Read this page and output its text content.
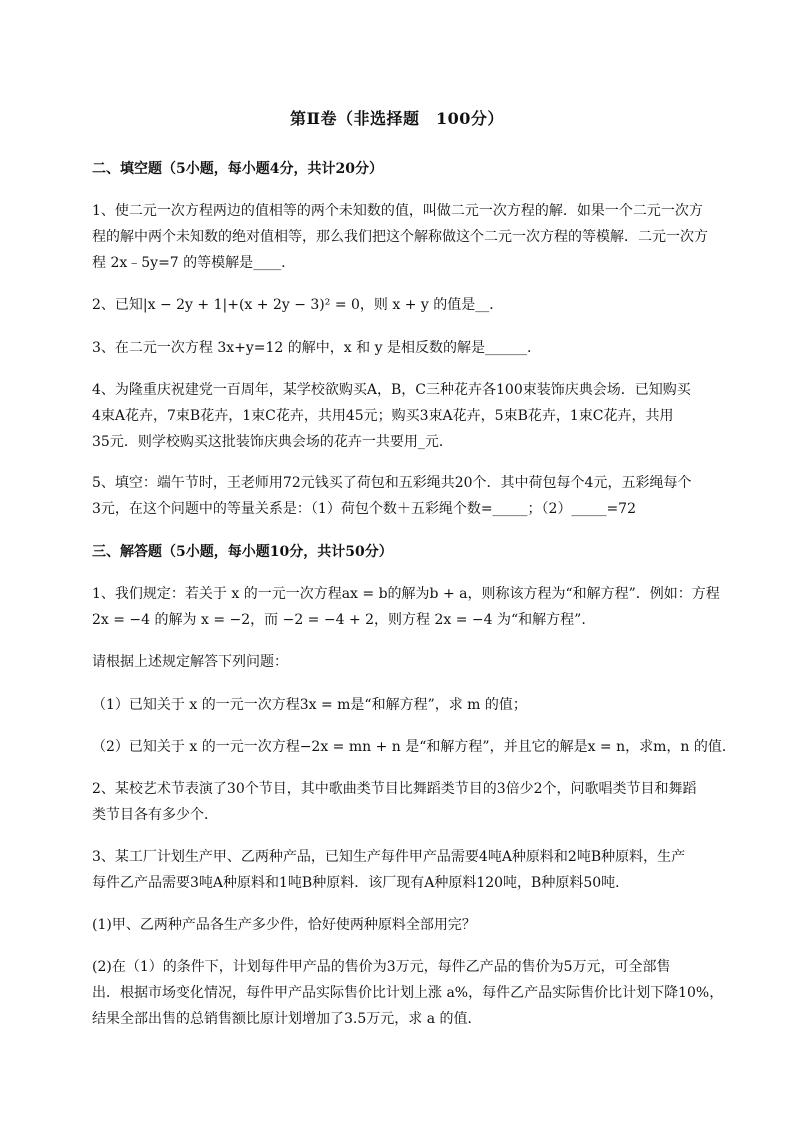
第Ⅱ卷（非选择题　100分）
二、填空题（5小题，每小题4分，共计20分）
1、使二元一次方程两边的值相等的两个未知数的值，叫做二元一次方程的解．如果一个二元一次方
程的解中两个未知数的绝对值相等，那么我们把这个解称做这个二元一次方程的等模解．二元一次方
程 2x﹣5y=7 的等模解是____.
2、已知|x − 2y + 1|+(x + 2y − 3)² = 0，则 x + y 的值是__．
3、在二元一次方程 3x+y=12 的解中，x 和 y 是相反数的解是______.
4、为隆重庆祝建党一百周年，某学校欲购买A，B，C三种花卉各100束装饰庆典会场．已知购买
4束A花卉，7束B花卉，1束C花卉，共用45元；购买3束A花卉，5束B花卉，1束C花卉，共用
35元．则学校购买这批装饰庆典会场的花卉一共要用_元．
5、填空：端午节时，王老师用72元钱买了荷包和五彩绳共20个．其中荷包每个4元，五彩绳每个
3元，在这个问题中的等量关系是：（1）荷包个数＋五彩绳个数=_____；（2）_____=72
三、解答题（5小题，每小题10分，共计50分）
1、我们规定：若关于 x 的一元一次方程ax = b的解为b + a，则称该方程为“和解方程”．例如：方程
2x = −4 的解为 x = −2，而 −2 = −4 + 2，则方程 2x = −4 为“和解方程”.
请根据上述规定解答下列问题：
（1）已知关于 x 的一元一次方程3x = m是“和解方程”，求 m 的值；
（2）已知关于 x 的一元一次方程−2x = mn + n 是“和解方程”，并且它的解是x = n，求m，n 的值．
2、某校艺术节表演了30个节目，其中歌曲类节目比舞蹈类节目的3倍少2个，问歌唱类节目和舞蹈
类节目各有多少个．
3、某工厂计划生产甲、乙两种产品，已知生产每件甲产品需要4吨A种原料和2吨B种原料，生产
每件乙产品需要3吨A种原料和1吨B种原料．该厂现有A种原料120吨，B种原料50吨．
(1)甲、乙两种产品各生产多少件，恰好使两种原料全部用完？
(2)在（1）的条件下，计划每件甲产品的售价为3万元，每件乙产品的售价为5万元，可全部售
出．根据市场变化情况，每件甲产品实际售价比计划上涨 a%，每件乙产品实际售价比计划下降10%，
结果全部出售的总销售额比原计划增加了3.5万元，求 a 的值．
